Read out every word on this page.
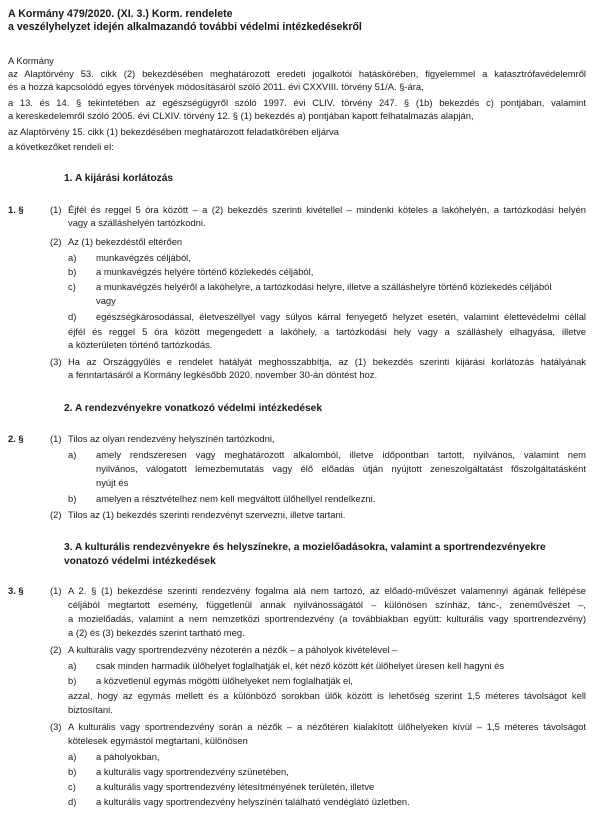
A Kormány 479/2020. (XI. 3.) Korm. rendelete
a veszélyhelyzet idején alkalmazandó további védelmi intézkedésekről
A Kormány
az Alaptörvény 53. cikk (2) bekezdésében meghatározott eredeti jogalkotói hatáskörében, figyelemmel a katasztrófavédelemről
és a hozzá kapcsolódó egyes törvények módosításáról szóló 2011. évi CXXVIII. törvény 51/A. §-ára,
a 13. és 14. § tekintetében az egészségügyről szóló 1997. évi CLIV. törvény 247. § (1b) bekezdés c) pontjában, valamint
a kereskedelemről szóló 2005. évi CLXIV. törvény 12. § (1) bekezdés a) pontjában kapott felhatalmazás alapján,
az Alaptörvény 15. cikk (1) bekezdésében meghatározott feladatkörében eljárva
a következőket rendeli el:
1. A kijárási korlátozás
1. §	(1) Éjfél és reggel 5 óra között – a (2) bekezdés szerinti kivétellel – mindenki köteles a lakóhelyén, a tartózkodási helyén
vagy a szálláshelyén tartózkodni.
(2) Az (1) bekezdéstől eltérően
a) munkavégzés céljából,
b) a munkavégzés helyére történő közlekedés céljából,
c) a munkavégzés helyéről a lakóhelyre, a tartózkodási helyre, illetve a szálláshelyre történő közlekedés céljából
vagy
d) egészségkárosodással, életveszéllyel vagy súlyos kárral fenyegető helyzet esetén, valamint élettevédelmi céllal
éjfél és reggel 5 óra között megengedett a lakóhely, a tartózkodási hely vagy a szálláshely elhagyása, illetve
a közterületen történő tartózkodás.
(3) Ha az Országgyűlés e rendelet hatályát meghosszabbítja, az (1) bekezdés szerinti kijárási korlátozás hatályának
a fenntartásáról a Kormány legkésőbb 2020. november 30-án döntést hoz.
2. A rendezvényekre vonatkozó védelmi intézkedések
2. §	(1) Tilos az olyan rendezvény helyszínén tartózkodni,
a) amely rendszeresen vagy meghatározott alkalomból, illetve időpontban tartott, nyilvános, valamint nem
nyilvános, válogatott lemezbemutatás vagy élő előadás útján nyújtott zeneszolgáltatást főszolgáltatásként
nyújt és
b) amelyen a résztvételhez nem kell megváltott ülőhellyel rendelkezni.
(2) Tilos az (1) bekezdés szerinti rendezvényt szervezni, illetve tartani.
3. A kulturális rendezvényekre és helyszínekre, a mozielőadásokra, valamint a sportrendezvényekre
vonatozó védelmi intézkedések
3. §	(1) A 2. § (1) bekezdése szerinti rendezvény fogalma alá nem tartozó, az előadó-művészet valamennyi ágának fellépése
céljából megtartott esemény, függetlenül annak nyilvánosságától – különösen színház, tánc-, zeneművészet –,
a mozielőadás, valamint a nem nemzetközi sportrendezvény (a továbbiakban együtt: kulturális vagy sportrendezvény)
a (2) és (3) bekezdés szerint tartható meg.
(2) A kulturális vagy sportrendezvény nézoterén a nézők – a páholyok kivételével –
a) csak minden harmadik ülőhelyet foglalhatják el, két néző között két ülőhelyet üresen kell hagyni és
b) a közvetlenül egymás mögötti ülőhelyeket nem foglalhatják el,
azzal, hogy az egymás mellett és a különböző sorokban ülők között is lehetőség szerint 1,5 méteres távolságot kell
biztosítani.
(3) A kulturális vagy sportrendezvény során a nézők – a nézőtéren kialakított ülőhelyeken kívül – 1,5 méteres távolságot
kötelesek egymástól megtartani, különösen
a) a páholyokban,
b) a kulturális vagy sportrendezvény szünetében,
c) a kulturális vagy sportrendezvény létesítményének területén, illetve
d) a kulturális vagy sportrendezvény helyszínén található vendéglátó üzletben.
